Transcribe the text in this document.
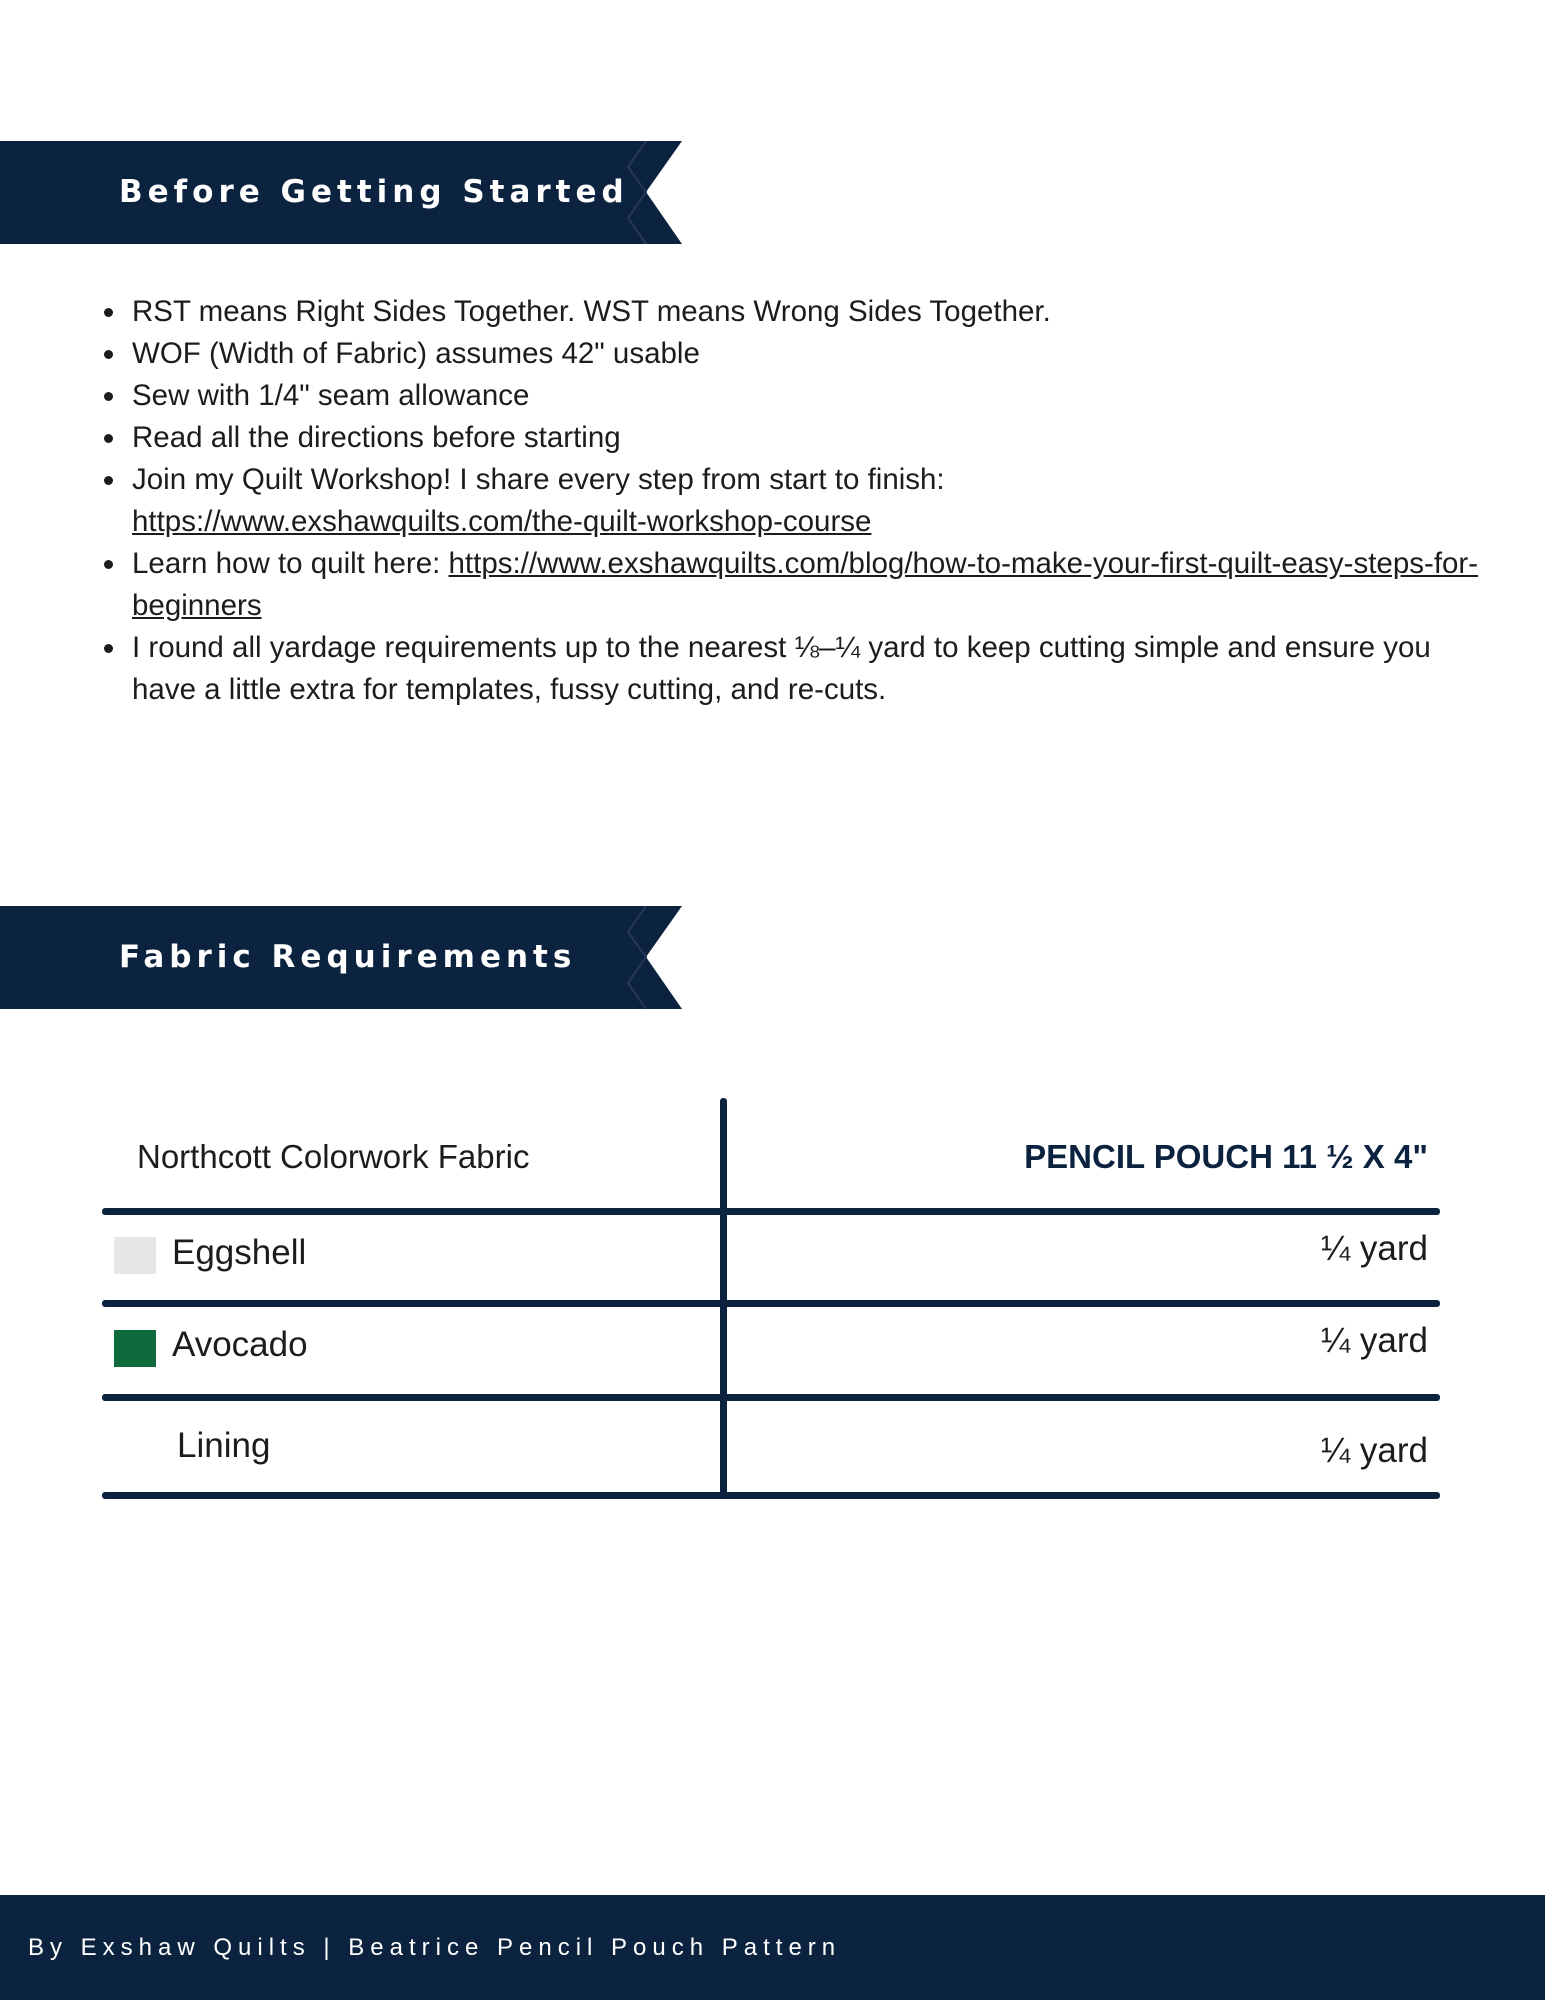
Before Getting Started
RST means Right Sides Together. WST means Wrong Sides Together.
WOF (Width of Fabric) assumes 42" usable
Sew with 1/4" seam allowance
Read all the directions before starting
Join my Quilt Workshop! I share every step from start to finish:
https://www.exshawquilts.com/the-quilt-workshop-course
Learn how to quilt here: https://www.exshawquilts.com/blog/how-to-make-your-first-quilt-easy-steps-for-beginners
I round all yardage requirements up to the nearest ⅛–¼ yard to keep cutting simple and ensure you have a little extra for templates, fussy cutting, and re-cuts.
Fabric Requirements
Northcott Colorwork Fabric	PENCIL POUCH 11 ½ X 4"
Eggshell	¼ yard
Avocado	¼ yard
Lining	¼ yard
By Exshaw Quilts | Beatrice Pencil Pouch Pattern
